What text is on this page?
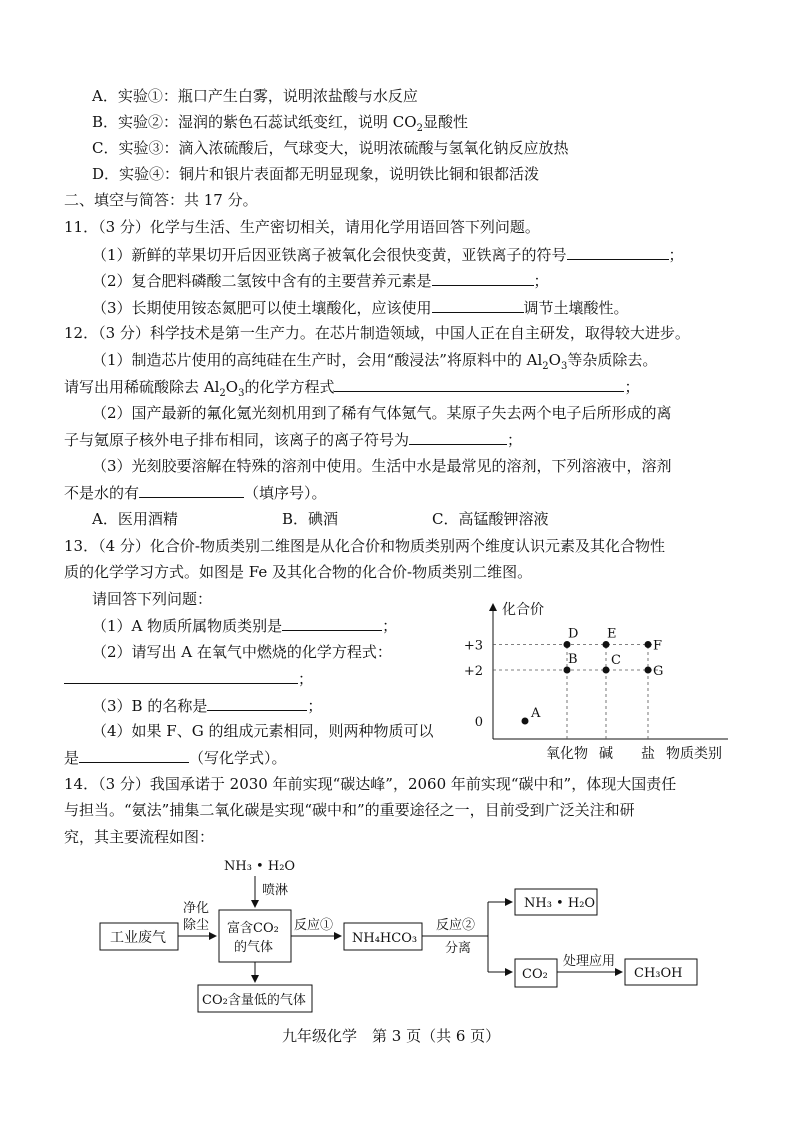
A．实验①：瓶口产生白雾，说明浓盐酸与水反应
B．实验②：湿润的紫色石蕊试纸变红，说明 $CO_2$显酸性
C．实验③：滴入浓硫酸后，气球变大，说明浓硫酸与氢氧化钠反应放热
D．实验④：铜片和银片表面都无明显现象，说明铁比铜和银都活泼
二、填空与简答：共 17 分。
11．（3 分）化学与生活、生产密切相关，请用化学用语回答下列问题。
（1）新鲜的苹果切开后因亚铁离子被氧化会很快变黄，亚铁离子的符号	；
（2）复合肥料磷酸二氢铵中含有的主要营养元素是	；
（3）长期使用铵态氮肥可以使土壤酸化，应该使用	调节土壤酸性。
12．（3 分）科学技术是第一生产力。在芯片制造领域，中国人正在自主研发，取得较大进步。
（1）制造芯片使用的高纯硅在生产时，会用“酸浸法”将原料中的 $Al_2O_3$等杂质除去。
请写出用稀硫酸除去 $Al_2O_3$的化学方程式	；
（2）国产最新的氟化氪光刻机用到了稀有气体氪气。某原子失去两个电子后所形成的离
子与氪原子核外电子排布相同，该离子的离子符号为	；
（3）光刻胶要溶解在特殊的溶剂中使用。生活中水是最常见的溶剂，下列溶液中，溶剂
不是水的有	（填序号）。
A．医用酒精	B．碘酒	C．高锰酸钾溶液
13．（4 分）化合价-物质类别二维图是从化合价和物质类别两个维度认识元素及其化合物性
质的化学学习方式。如图是 Fe 及其化合物的化合价-物质类别二维图。
请回答下列问题：
（1）A 物质所属物质类别是	；
（2）请写出 A 在氧气中燃烧的化学方程式：
；
（3）B 的名称是	；
（4）如果 F、G 的组成元素相同，则两种物质可以
是	（写化学式）。
0
+2
+3
氧化物 碱 盐
A
B	C
G
D E
F
化合价
物质类别
14．（3 分）我国承诺于 2030 年前实现“碳达峰”，2060 年前实现“碳中和”，体现大国责任
与担当。“氨法”捕集二氧化碳是实现“碳中和”的重要途径之一，目前受到广泛关注和研
究，其主要流程如图：
NH₃ • H₂O
喷淋
工业废气
净化
除尘 富含CO₂
的气体
反应①
NH₄HCO₃
反应②
分离
NH₃ • H₂O
CO₂
处理应用
CH₃OH
CO₂含量低的气体
九年级化学　第 3 页（共 6 页）
